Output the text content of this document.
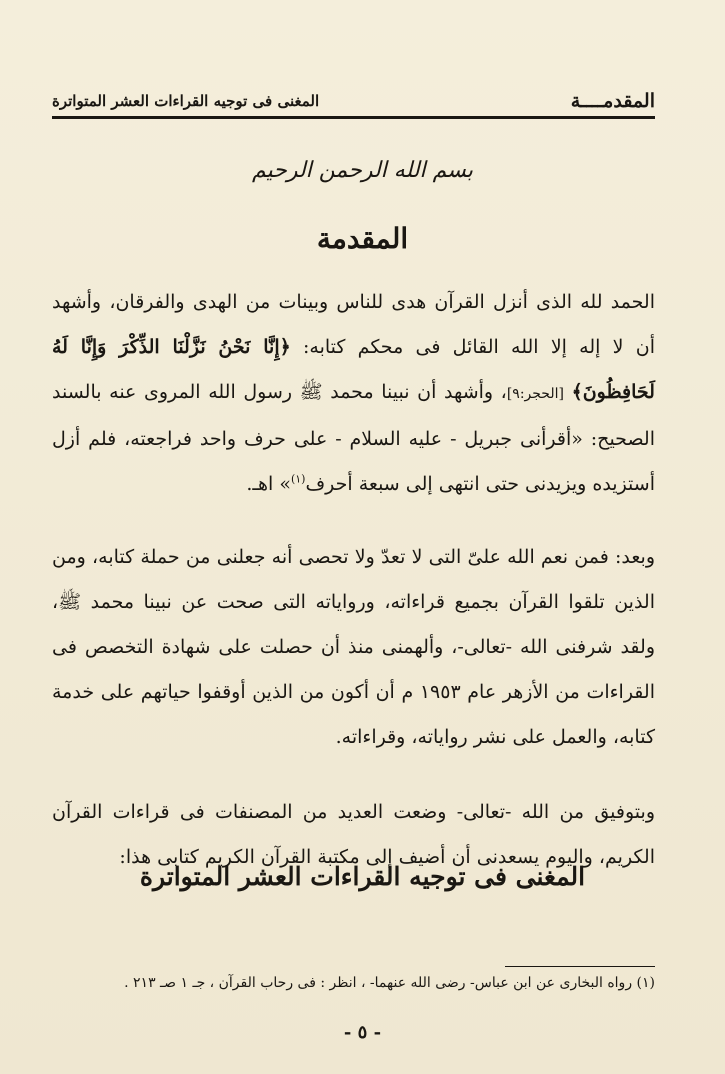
المقدمــــة
المغنى فى توجيه القراءات العشر المتواترة
بسم الله الرحمن الرحيم
المقدمة
الحمد لله الذى أنزل القرآن هدى للناس وبينات من الهدى والفرقان، وأشهد أن لا إله إلا الله القائل فى محكم كتابه: ﴿إِنَّا نَحْنُ نَزَّلْنَا الذِّكْرَ وَإِنَّا لَهُ لَحَافِظُونَ﴾ [الحجر:٩]، وأشهد أن نبينا محمد ﷺ رسول الله المروى عنه بالسند الصحيح: «أقرأنى جبريل - عليه السلام - على حرف واحد فراجعته، فلم أزل أستزيده ويزيدنى حتى انتهى إلى سبعة أحرف$^{(١)}$» اهـ.
وبعد: فمن نعم الله علىّ التى لا تعدّ ولا تحصى أنه جعلنى من حملة كتابه، ومن الذين تلقوا القرآن بجميع قراءاته، ورواياته التى صحت عن نبينا محمد ﷺ، ولقد شرفنى الله -تعالى-، وألهمنى منذ أن حصلت على شهادة التخصص فى القراءات من الأزهر عام ١٩٥٣ م أن أكون من الذين أوقفوا حياتهم على خدمة كتابه، والعمل على نشر رواياته، وقراءاته.
وبتوفيق من الله -تعالى- وضعت العديد من المصنفات فى قراءات القرآن الكريم، واليوم يسعدنى أن أضيف إلى مكتبة القرآن الكريم كتابى هذا:
المغنى فى توجيه القراءات العشر المتواترة
(١) رواه البخارى عن ابن عباس- رضى الله عنهما- ، انظر : فى رحاب القرآن ، جـ ١ صـ ٢١٣ .
- ٥ -
